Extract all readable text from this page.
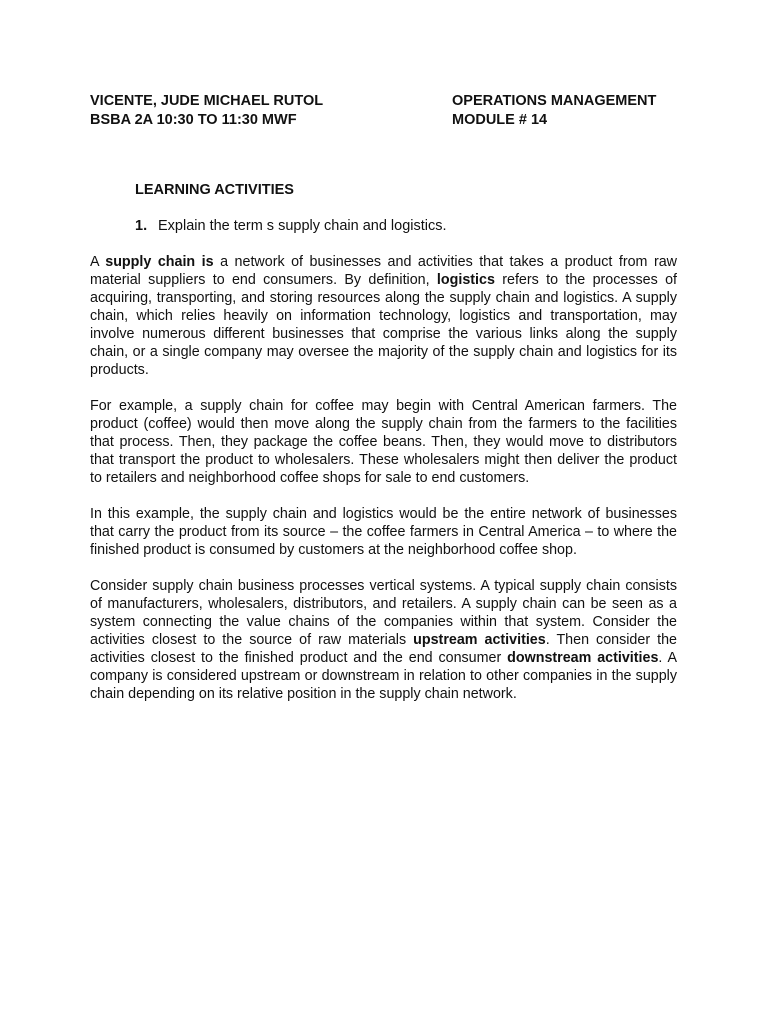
VICENTE, JUDE MICHAEL RUTOL
BSBA 2A 10:30 TO 11:30 MWF
OPERATIONS MANAGEMENT
MODULE # 14
LEARNING ACTIVITIES
1. Explain the term s supply chain and logistics.

A supply chain is a network of businesses and activities that takes a product from raw material suppliers to end consumers. By definition, logistics refers to the processes of acquiring, transporting, and storing resources along the supply chain and logistics. A supply chain, which relies heavily on information technology, logistics and transportation, may involve numerous different businesses that comprise the various links along the supply chain, or a single company may oversee the majority of the supply chain and logistics for its products.

For example, a supply chain for coffee may begin with Central American farmers. The product (coffee) would then move along the supply chain from the farmers to the facilities that process. Then, they package the coffee beans. Then, they would move to distributors that transport the product to wholesalers. These wholesalers might then deliver the product to retailers and neighborhood coffee shops for sale to end customers.

In this example, the supply chain and logistics would be the entire network of businesses that carry the product from its source – the coffee farmers in Central America – to where the finished product is consumed by customers at the neighborhood coffee shop.

Consider supply chain business processes vertical systems. A typical supply chain consists of manufacturers, wholesalers, distributors, and retailers. A supply chain can be seen as a system connecting the value chains of the companies within that system. Consider the activities closest to the source of raw materials upstream activities. Then consider the activities closest to the finished product and the end consumer downstream activities. A company is considered upstream or downstream in relation to other companies in the supply chain depending on its relative position in the supply chain network.
